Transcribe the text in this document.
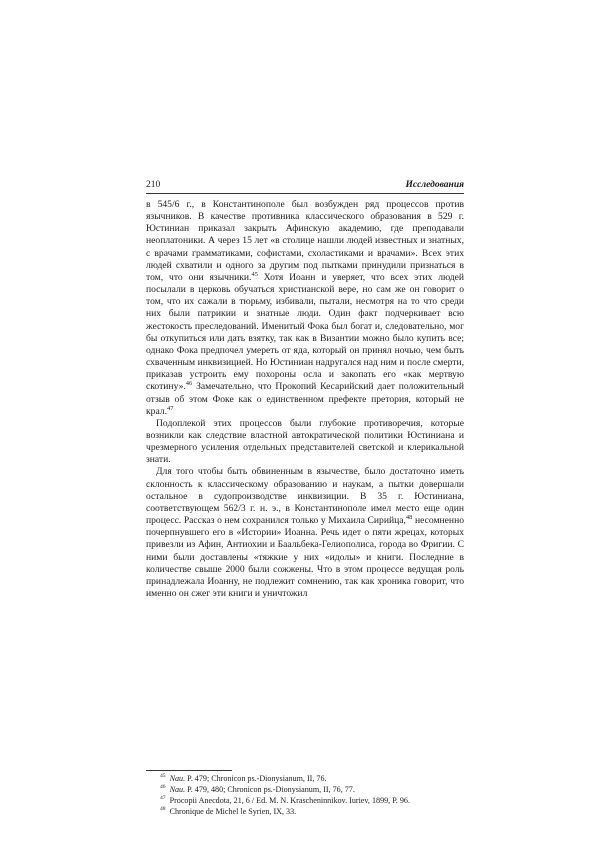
210	Исследования

в 545/6 г., в Константинополе был возбужден ряд процессов против язычников. В качестве противника классического образования в 529 г. Юстиниан приказал закрыть Афинскую академию, где преподавали неоплатоники. А через 15 лет «в столице нашли людей известных и знатных, с врачами грамматиками, софистами, схоластиками и врачами». Всех этих людей схватили и одного за другим под пытками принудили признаться в том, что они язычники.$^{45}$ Хотя Иоанн и уверяет, что всех этих людей посылали в церковь обучаться христианской вере, но сам же он говорит о том, что их сажали в тюрьму, избивали, пытали, несмотря на то что среди них были патрикии и знатные люди. Один факт подчеркивает всю жестокость преследований. Именитый Фока был богат и, следовательно, мог бы откупиться или дать взятку, так как в Византии можно было купить все; однако Фока предпочел умереть от яда, который он принял ночью, чем быть схваченным инквизицией. Но Юстиниан надругался над ним и после смерти, приказав устроить ему похороны осла и закопать его «как мертвую скотину».$^{46}$ Замечательно, что Прокопий Кесарийский дает положительный отзыв об этом Фоке как о единственном префекте претория, который не крал.$^{47}$

Подоплекой этих процессов были глубокие противоречия, которые возникли как следствие властной автократической политики Юстиниана и чрезмерного усиления отдельных представителей светской и клерикальной знати.

Для того чтобы быть обвиненным в язычестве, было достаточно иметь склонность к классическому образованию и наукам, а пытки довершали остальное в судопроизводстве инквизиции. В 35 г. Юстиниана, соответствующем 562/3 г. н. э., в Константинополе имел место еще один процесс. Рассказ о нем сохранился только у Михаила Сирийца,$^{48}$ несомненно почерпнувшего его в «Истории» Иоанна. Речь идет о пяти жрецах, которых привезли из Афин, Антиохии и Баальбека-Гелиополиса, города во Фригии. С ними были доставлены «тяжкие у них «идолы» и книги. Последние в количестве свыше 2000 были сожжены. Что в этом процессе ведущая роль принадлежала Иоанну, не подлежит сомнению, так как хроника говорит, что именно он сжег эти книги и уничтожил

$^{45}$ Nau. P. 479; Chronicon ps.-Dionysianum, II, 76.

$^{46}$ Nau. P. 479, 480; Chronicon ps.-Dionysianum, II, 76, 77.

$^{47}$ Procopii Anecdota, 21, 6 / Ed. M. N. Krascheninnikov. Iuriev, 1899, P. 96.

$^{48}$ Chronique de Michel le Syrien, IX, 33.
